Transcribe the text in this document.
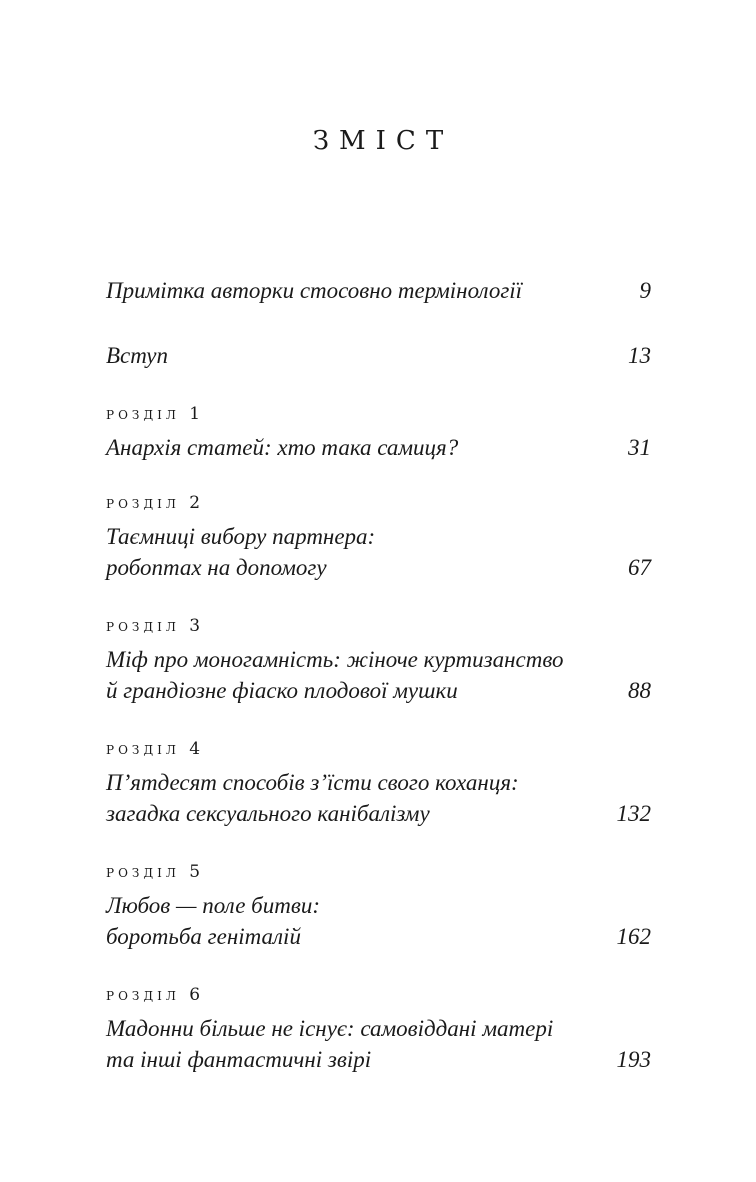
ЗМІСТ
Примітка авторки стосовно термінології	9
Вступ	13
розділ 1
Анархія статей: хто така самиця?	31
розділ 2
Таємниці вибору партнера:
робоптах на допомогу	67
розділ 3
Міф про моногамність: жіноче куртизанство
й грандіозне фіаско плодової мушки	88
розділ 4
П’ятдесят способів з’їсти свого коханця:
загадка сексуального канібалізму	132
розділ 5
Любов — поле битви:
боротьба геніталій	162
розділ 6
Мадонни більше не існує: самовіддані матері
та інші фантастичні звірі	193
